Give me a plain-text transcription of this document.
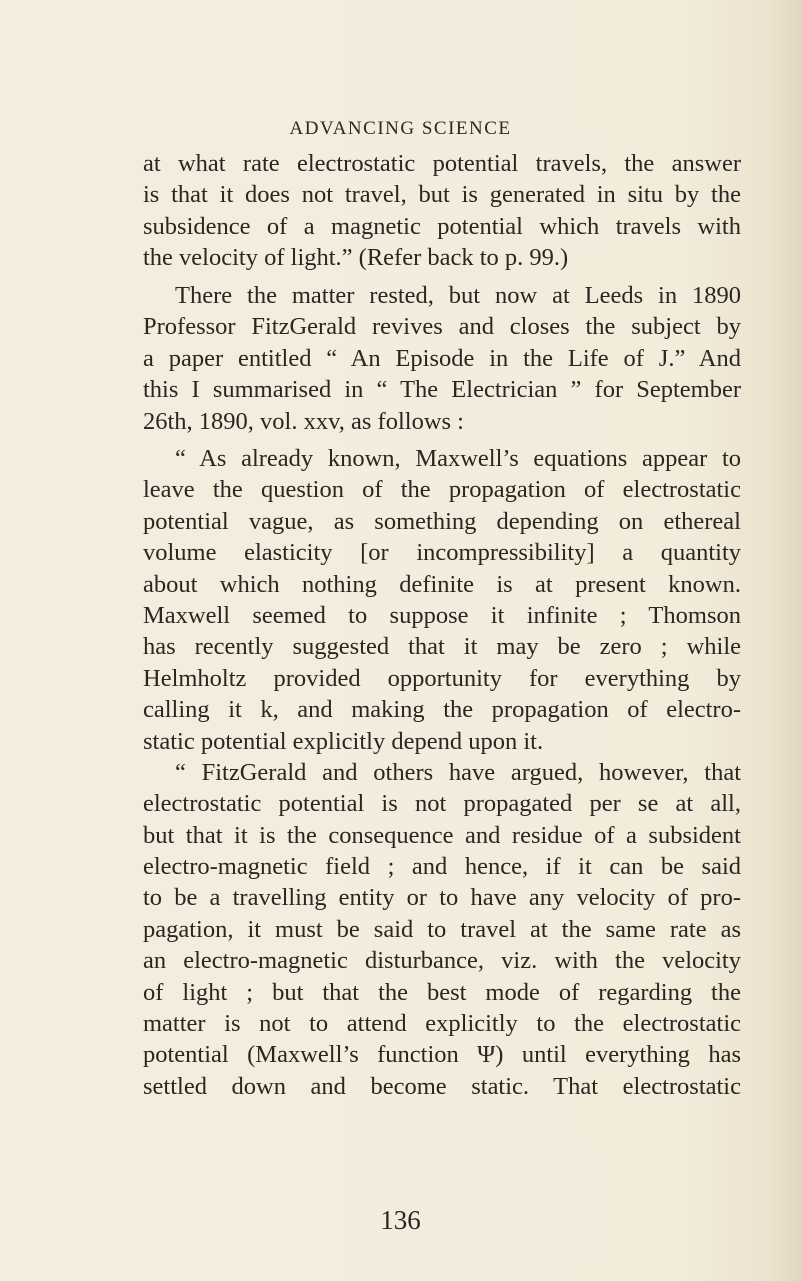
ADVANCING SCIENCE
at what rate electrostatic potential travels, the answer
is that it does not travel, but is generated in situ by the
subsidence of a magnetic potential which travels with
the velocity of light.” (Refer back to p. 99.)
There the matter rested, but now at Leeds in 1890
Professor FitzGerald revives and closes the subject by
a paper entitled “ An Episode in the Life of J.” And
this I summarised in “ The Electrician ” for September
26th, 1890, vol. xxv, as follows :
“ As already known, Maxwell’s equations appear to
leave the question of the propagation of electrostatic
potential vague, as something depending on ethereal
volume elasticity [or incompressibility] a quantity
about which nothing definite is at present known.
Maxwell seemed to suppose it infinite ; Thomson
has recently suggested that it may be zero ; while
Helmholtz provided opportunity for everything by
calling it k, and making the propagation of electro-
static potential explicitly depend upon it.
“ FitzGerald and others have argued, however, that
electrostatic potential is not propagated per se at all,
but that it is the consequence and residue of a subsident
electro-magnetic field ; and hence, if it can be said
to be a travelling entity or to have any velocity of pro-
pagation, it must be said to travel at the same rate as
an electro-magnetic disturbance, viz. with the velocity
of light ; but that the best mode of regarding the
matter is not to attend explicitly to the electrostatic
potential (Maxwell’s function Ψ) until everything has
settled down and become static. That electrostatic
136
